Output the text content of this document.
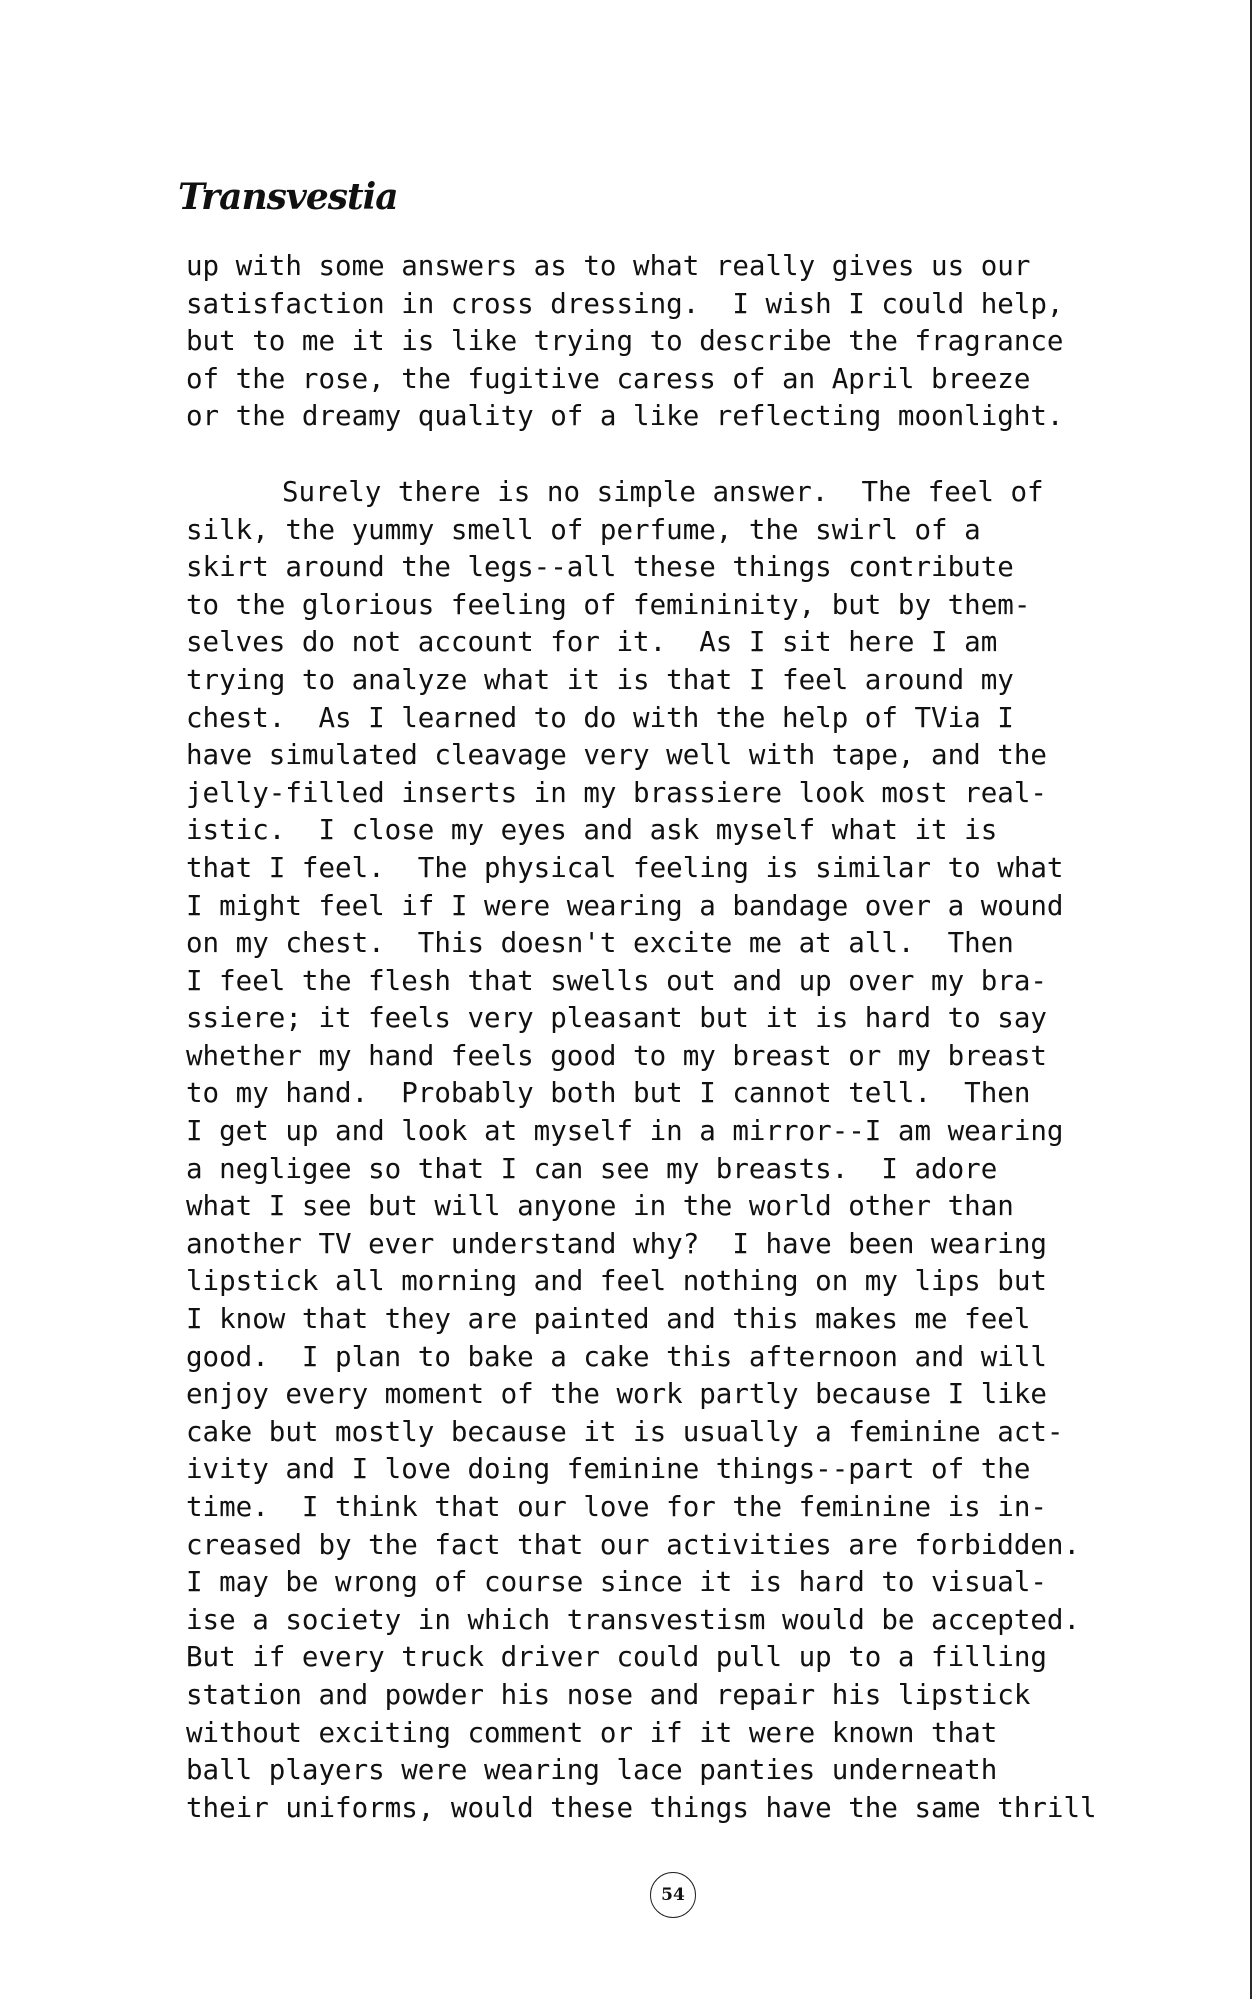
Transvestia
up with some answers as to what really gives us our
satisfaction in cross dressing.  I wish I could help,
but to me it is like trying to describe the fragrance
of the rose, the fugitive caress of an April breeze
or the dreamy quality of a like reflecting moonlight.
Surely there is no simple answer.  The feel of
silk, the yummy smell of perfume, the swirl of a
skirt around the legs--all these things contribute
to the glorious feeling of femininity, but by them-
selves do not account for it.  As I sit here I am
trying to analyze what it is that I feel around my
chest.  As I learned to do with the help of TVia I
have simulated cleavage very well with tape, and the
jelly-filled inserts in my brassiere look most real-
istic.  I close my eyes and ask myself what it is
that I feel.  The physical feeling is similar to what
I might feel if I were wearing a bandage over a wound
on my chest.  This doesn't excite me at all.  Then
I feel the flesh that swells out and up over my bra-
ssiere; it feels very pleasant but it is hard to say
whether my hand feels good to my breast or my breast
to my hand.  Probably both but I cannot tell.  Then
I get up and look at myself in a mirror--I am wearing
a negligee so that I can see my breasts.  I adore
what I see but will anyone in the world other than
another TV ever understand why?  I have been wearing
lipstick all morning and feel nothing on my lips but
I know that they are painted and this makes me feel
good.  I plan to bake a cake this afternoon and will
enjoy every moment of the work partly because I like
cake but mostly because it is usually a feminine act-
ivity and I love doing feminine things--part of the
time.  I think that our love for the feminine is in-
creased by the fact that our activities are forbidden.
I may be wrong of course since it is hard to visual-
ise a society in which transvestism would be accepted.
But if every truck driver could pull up to a filling
station and powder his nose and repair his lipstick
without exciting comment or if it were known that
ball players were wearing lace panties underneath
their uniforms, would these things have the same thrill
54
